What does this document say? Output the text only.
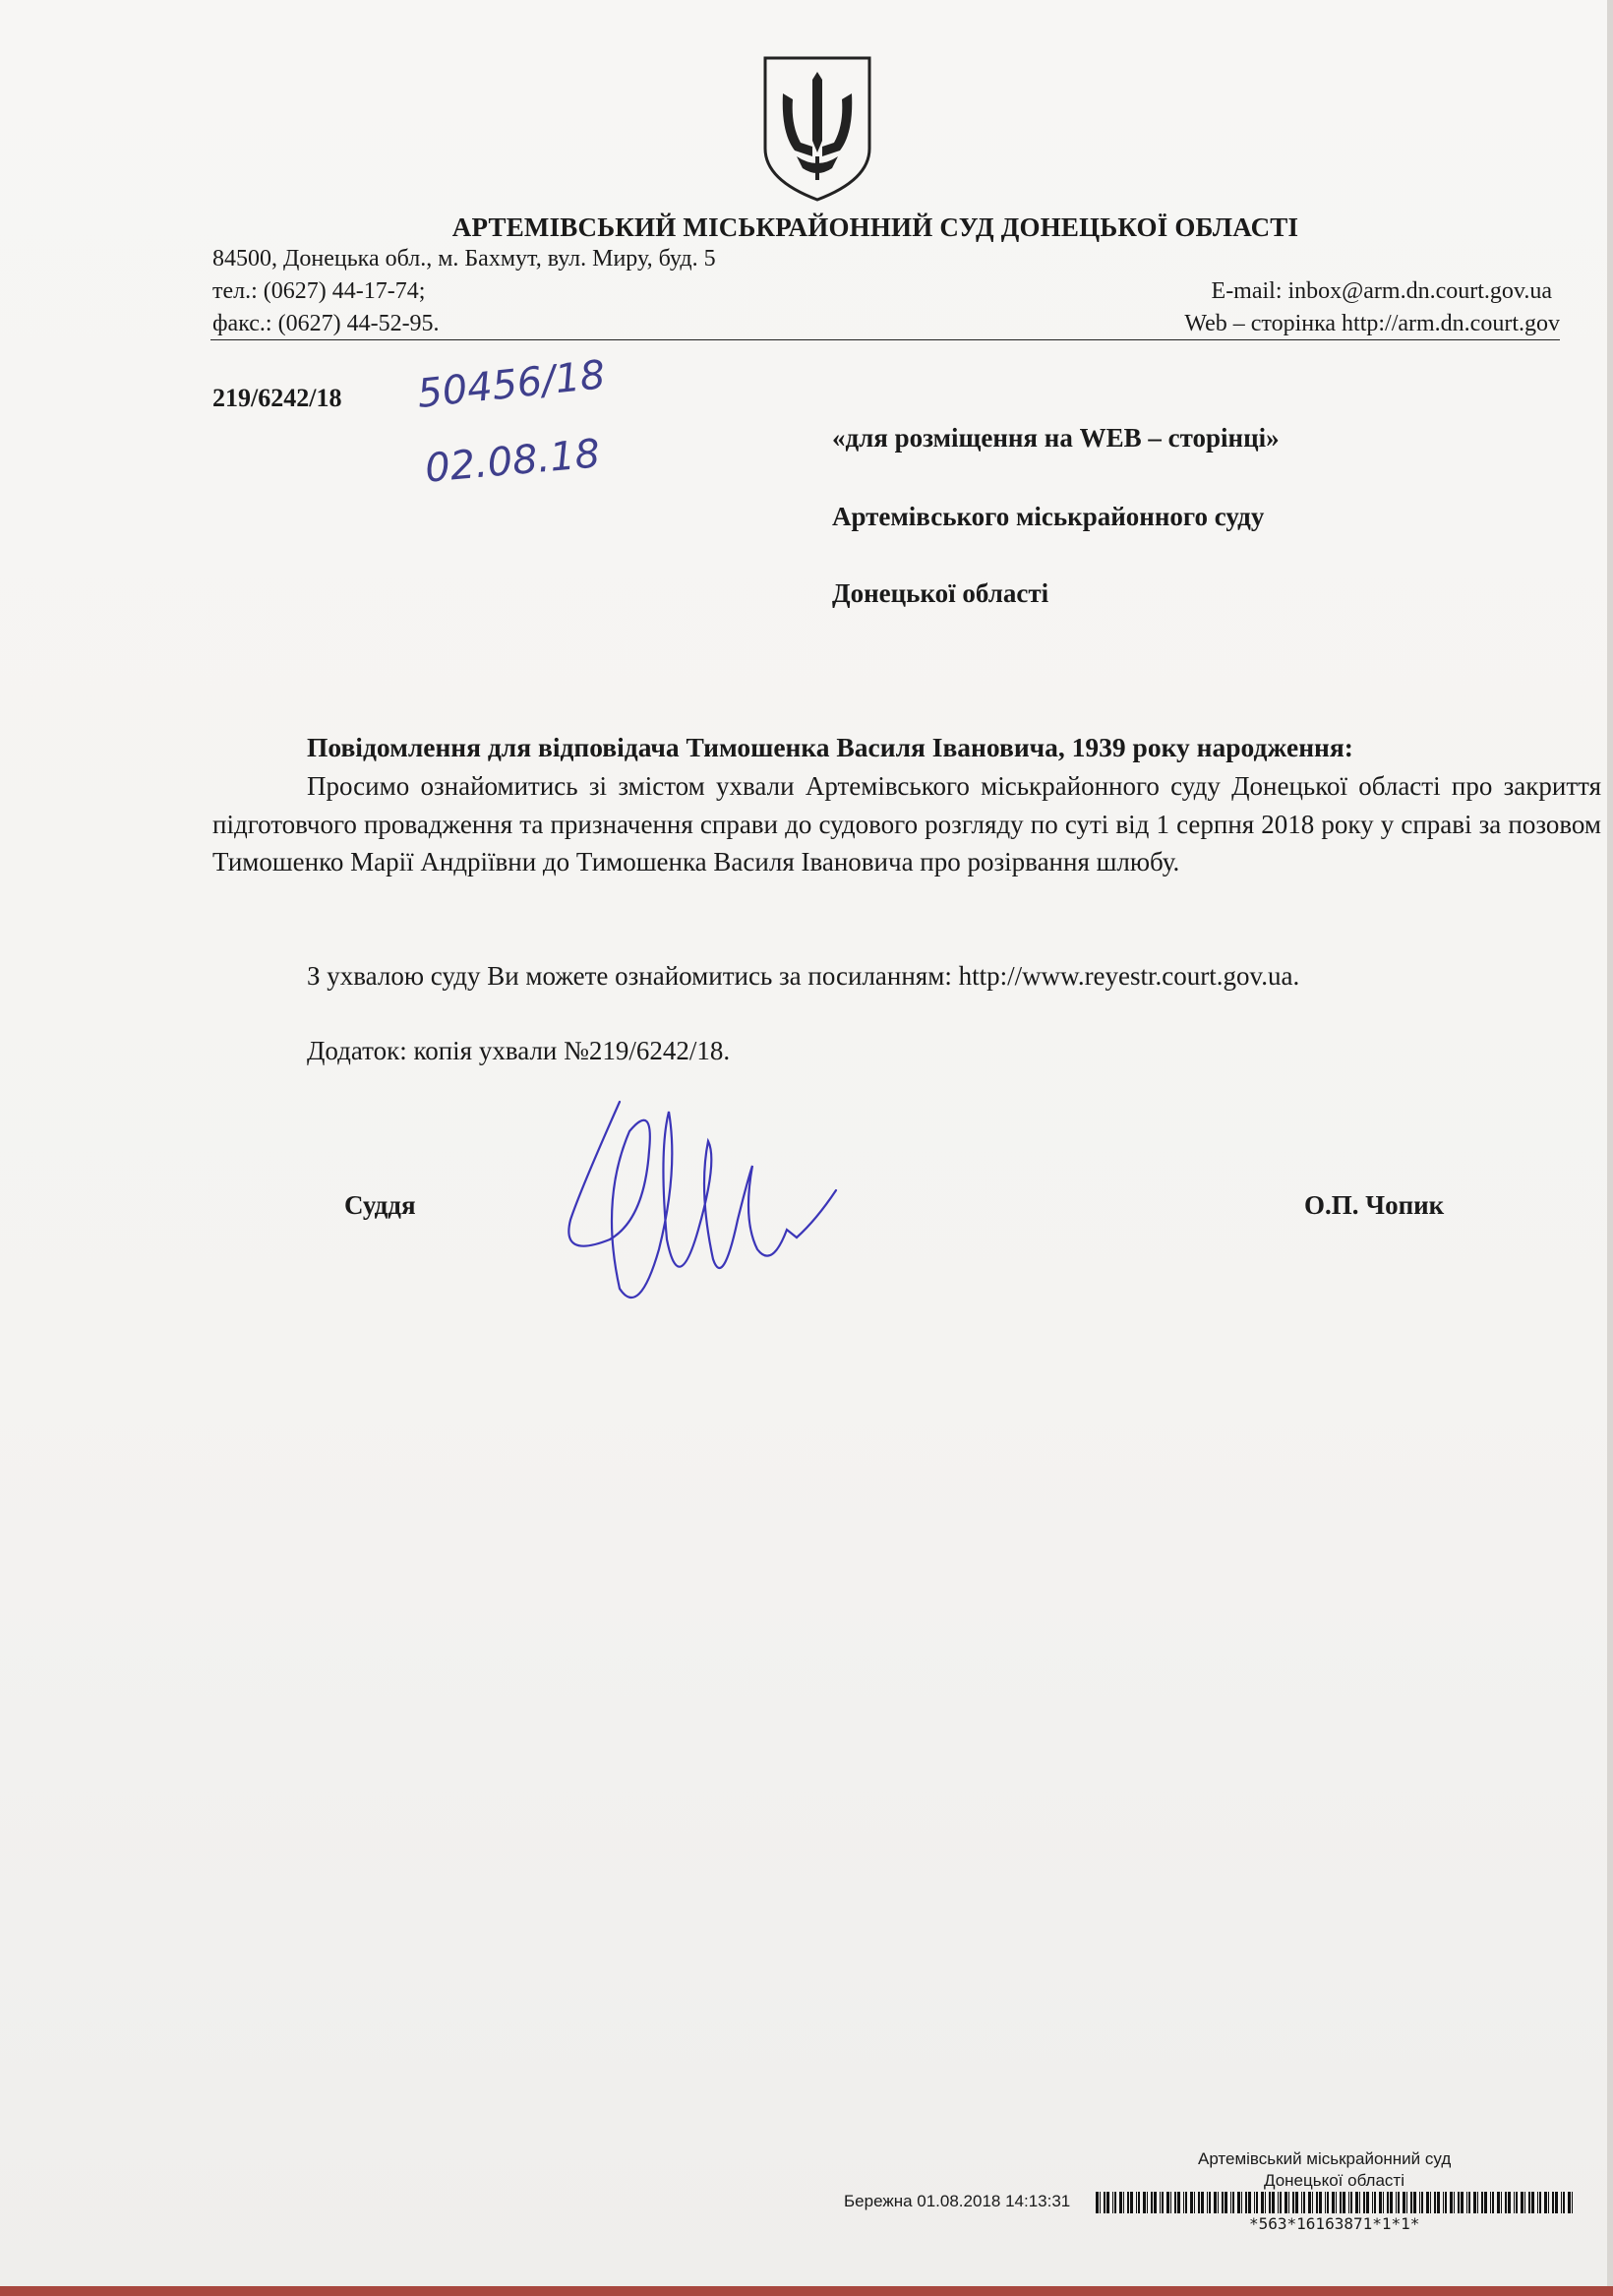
АРТЕМІВСЬКИЙ МІСЬКРАЙОННИЙ СУД ДОНЕЦЬКОЇ ОБЛАСТІ
84500, Донецька обл., м. Бахмут, вул. Миру, буд. 5
тел.: (0627) 44-17-74;
факс.: (0627) 44-52-95.
E-mail: inbox@arm.dn.court.gov.ua
Web – сторінка http://arm.dn.court.gov
219/6242/18 50456/18
02.08.18	«для розміщення на WEB – сторінці»
Артемівського міськрайонного суду
Донецької області
Повідомлення для відповідача Тимошенка Василя Івановича, 1939 року народження:

Просимо ознайомитись зі змістом ухвали Артемівського міськрайонного суду Донецької області про закриття підготовчого провадження та призначення справи до судового розгляду по суті від 1 серпня 2018 року у справі за позовом Тимошенко Марії Андріївни до Тимошенка Василя Івановича про розірвання шлюбу.

З ухвалою суду Ви можете ознайомитись за посиланням: http://www.reyestr.court.gov.ua.
Додаток: копія ухвали №219/6242/18.
Суддя	О.П. Чопик
Артемівський міськрайонний суд
Донецької області
Бережна 01.08.2018 14:13:31
*563*16163871*1*1*
